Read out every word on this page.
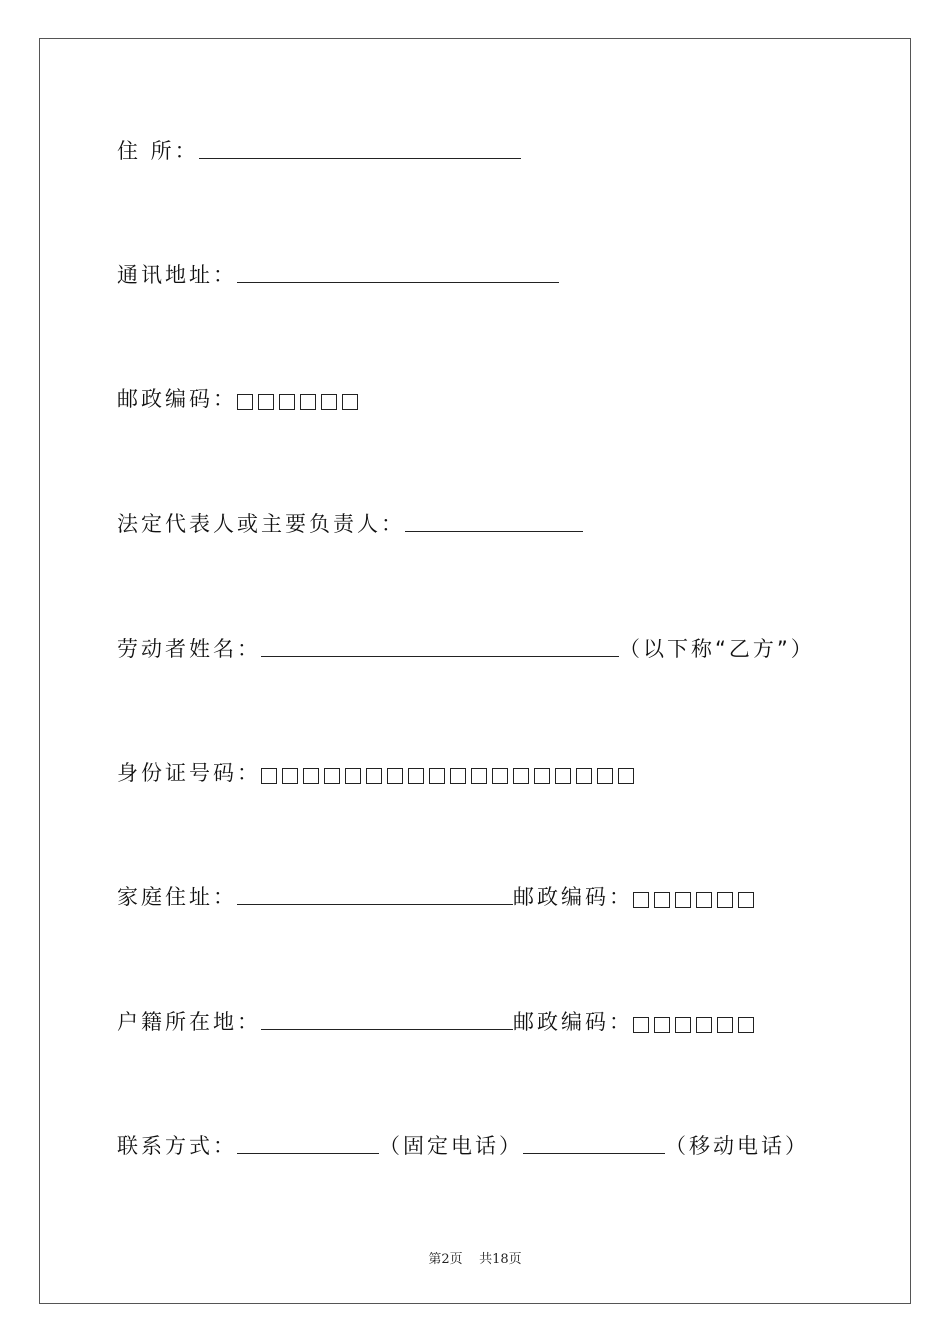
住 所：
通讯地址：
邮政编码：
法定代表人或主要负责人：
劳动者姓名：	（以下称“乙方”）
身份证号码：
家庭住址：	邮政编码：
户籍所在地：	邮政编码：
联系方式：	（固定电话）	（移动电话）
第2页 共18页
